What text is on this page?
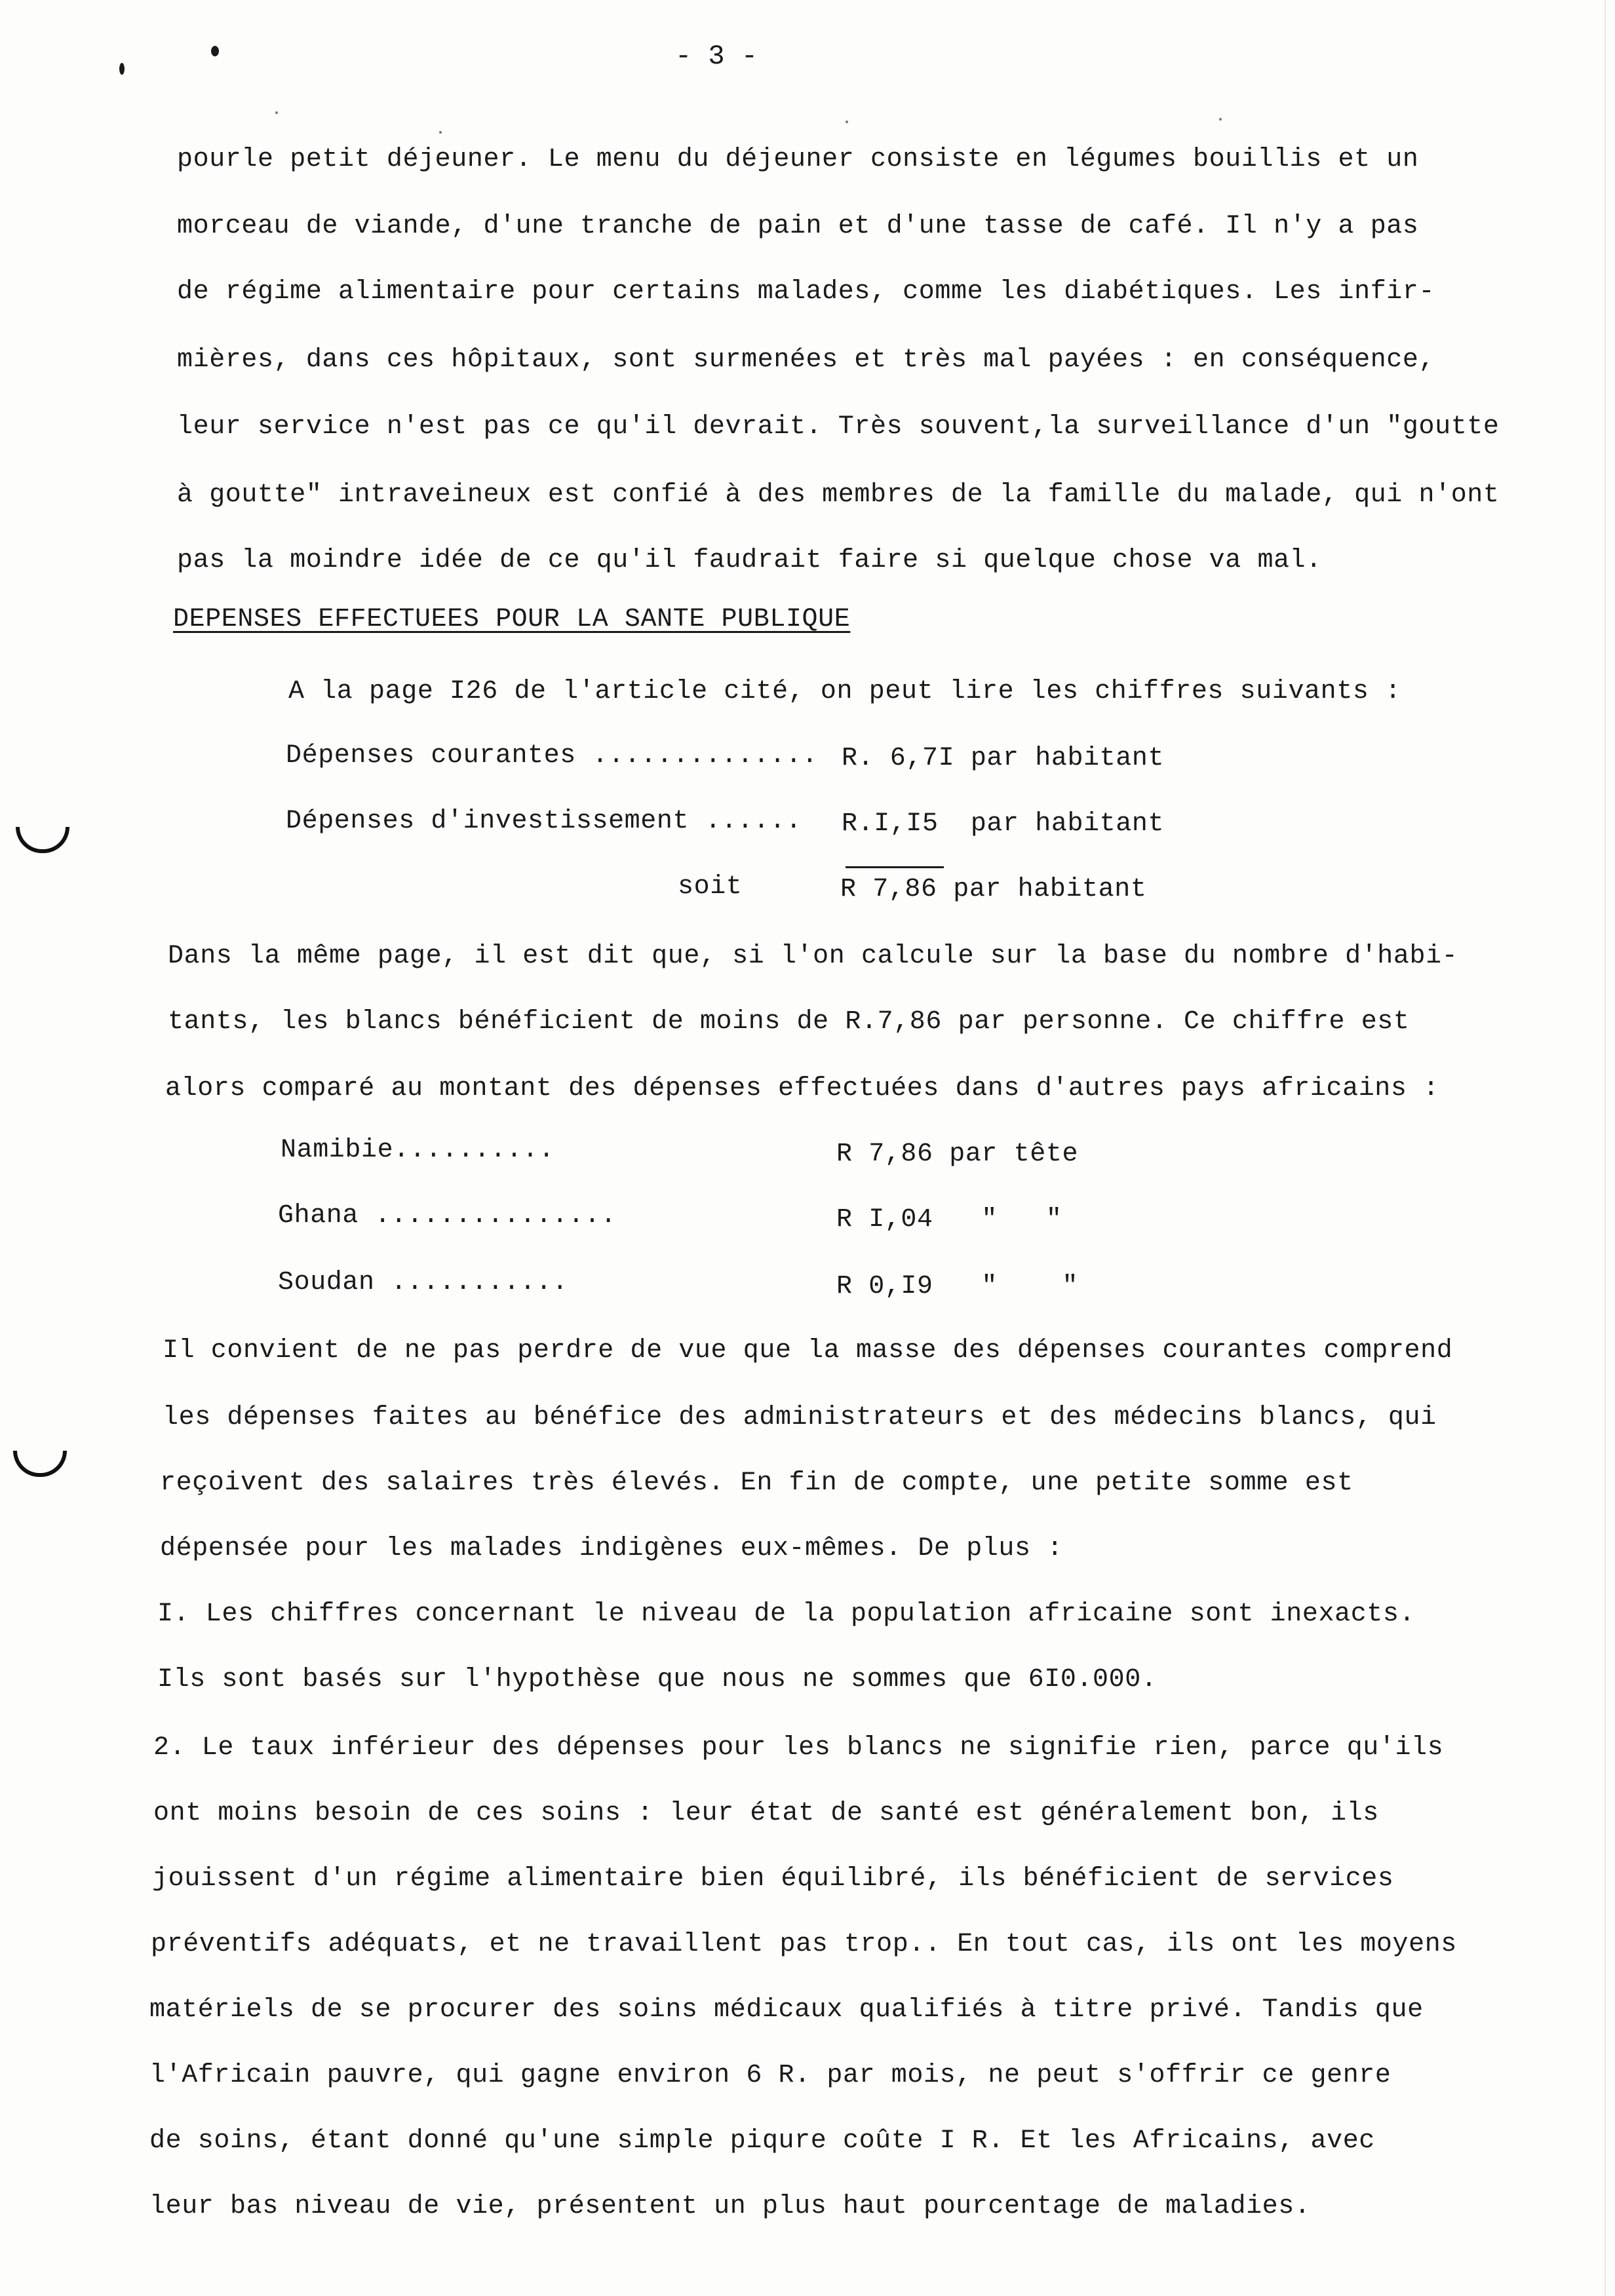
- 3 -
pourle petit déjeuner. Le menu du déjeuner consiste en légumes bouillis et un
morceau de viande, d'une tranche de pain et d'une tasse de café. Il n'y a pas
de régime alimentaire pour certains malades, comme les diabétiques. Les infir-
mières, dans ces hôpitaux, sont surmenées et très mal payées : en conséquence,
leur service n'est pas ce qu'il devrait. Très souvent,la surveillance d'un "goutte
à goutte" intraveineux est confié à des membres de la famille du malade, qui n'ont
pas la moindre idée de ce qu'il faudrait faire si quelque chose va mal.
DEPENSES EFFECTUEES POUR LA SANTE PUBLIQUE
A la page I26 de l'article cité, on peut lire les chiffres suivants :
Dépenses courantes .............. R. 6,7I par habitant
Dépenses d'investissement ...... R.I,I5  par habitant
soit	R 7,86 par habitant
Dans la même page, il est dit que, si l'on calcule sur la base du nombre d'habi-
tants, les blancs bénéficient de moins de R.7,86 par personne. Ce chiffre est
alors comparé au montant des dépenses effectuées dans d'autres pays africains :
Namibie..........	R 7,86 par tête
Ghana ...............	R I,04   "   "
Soudan ...........	R 0,I9   "    "
Il convient de ne pas perdre de vue que la masse des dépenses courantes comprend
les dépenses faites au bénéfice des administrateurs et des médecins blancs, qui
reçoivent des salaires très élevés. En fin de compte, une petite somme est
dépensée pour les malades indigènes eux-mêmes. De plus :
I. Les chiffres concernant le niveau de la population africaine sont inexacts.
Ils sont basés sur l'hypothèse que nous ne sommes que 6I0.000.
2. Le taux inférieur des dépenses pour les blancs ne signifie rien, parce qu'ils
ont moins besoin de ces soins : leur état de santé est généralement bon, ils
jouissent d'un régime alimentaire bien équilibré, ils bénéficient de services
préventifs adéquats, et ne travaillent pas trop.. En tout cas, ils ont les moyens
matériels de se procurer des soins médicaux qualifiés à titre privé. Tandis que
l'Africain pauvre, qui gagne environ 6 R. par mois, ne peut s'offrir ce genre
de soins, étant donné qu'une simple piqure coûte I R. Et les Africains, avec
leur bas niveau de vie, présentent un plus haut pourcentage de maladies.
